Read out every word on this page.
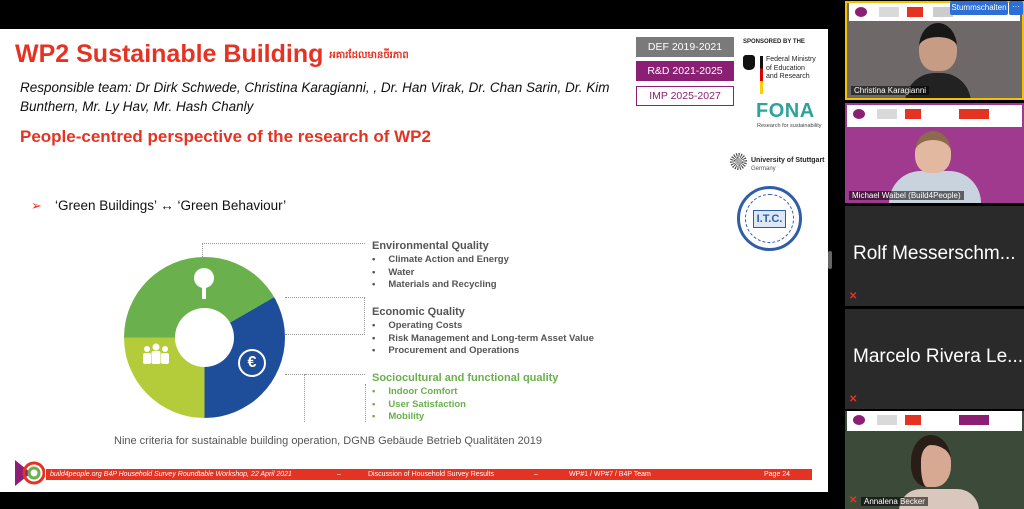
WP2 Sustainable Building អគារដែលមានចីរភាព
Responsible team: Dr Dirk Schwede, Christina Karagianni, , Dr. Han Virak, Dr. Chan Sarin, Dr. Kim Bunthern, Mr. Ly Hav, Mr. Hash Chanly
People-centred perspective of the research of WP2
DEF 2019-2021
R&D 2021-2025
IMP 2025-2027
SPONSORED BY THE
Federal Ministry
of Education
and Research
FONA
Research for sustainability
University of Stuttgart
Germany
I.T.C.
➢ ‘Green Buildings’ ↔ ‘Green Behaviour’
€
Environmental Quality
• Climate Action and Energy
• Water
• Materials and Recycling
Economic Quality
• Operating Costs
• Risk Management and Long-term Asset Value
• Procurement and Operations
Sociocultural and functional quality
• Indoor Comfort
• User Satisfaction
• Mobility
Nine criteria for sustainable building operation, DGNB Gebäude Betrieb Qualitäten 2019
build4people.org B4P Household Survey Roundtable Workshop, 22 April 2021	–	Discussion of Household Survey Results	–	WP#1 / WP#7 / B4P Team	Page 24
Christina Karagianni
Stummschalten ···
Michael Waibel (Build4People)
Rolf Messerschm...
✕
Marcelo Rivera Le...
✕
✕ Annalena Becker
